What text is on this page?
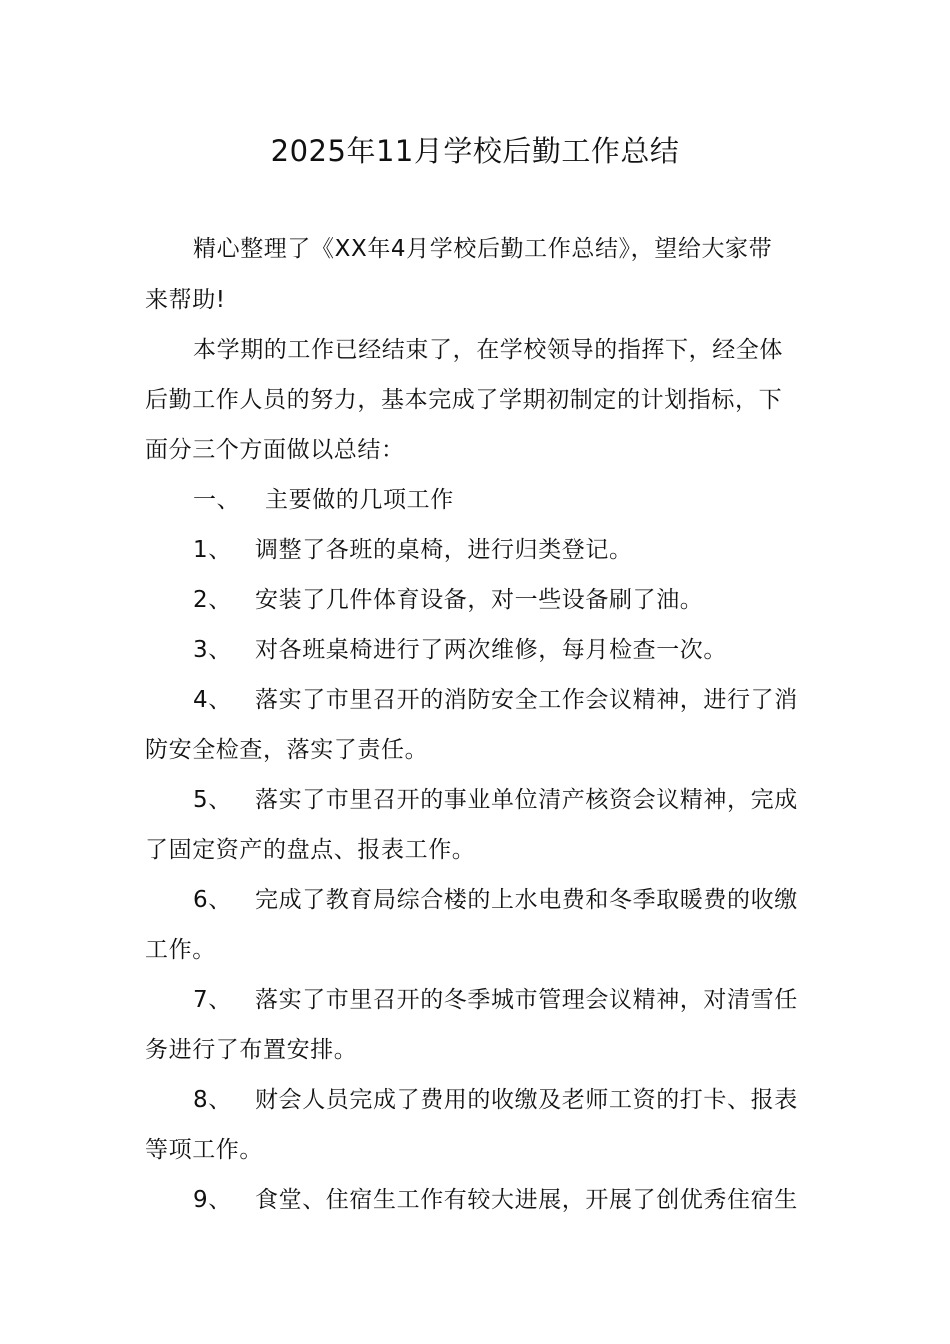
2025年11月学校后勤工作总结
精心整理了《XX年4月学校后勤工作总结》，望给大家带
来帮助!
本学期的工作已经结束了，在学校领导的指挥下，经全体
后勤工作人员的努力，基本完成了学期初制定的计划指标，下
面分三个方面做以总结：
一、 主要做的几项工作
1、 调整了各班的桌椅，进行归类登记。
2、 安装了几件体育设备，对一些设备刷了油。
3、 对各班桌椅进行了两次维修，每月检查一次。
4、 落实了市里召开的消防安全工作会议精神，进行了消
防安全检查，落实了责任。
5、 落实了市里召开的事业单位清产核资会议精神，完成
了固定资产的盘点、报表工作。
6、 完成了教育局综合楼的上水电费和冬季取暖费的收缴
工作。
7、 落实了市里召开的冬季城市管理会议精神，对清雪任
务进行了布置安排。
8、 财会人员完成了费用的收缴及老师工资的打卡、报表
等项工作。
9、 食堂、住宿生工作有较大进展，开展了创优秀住宿生
